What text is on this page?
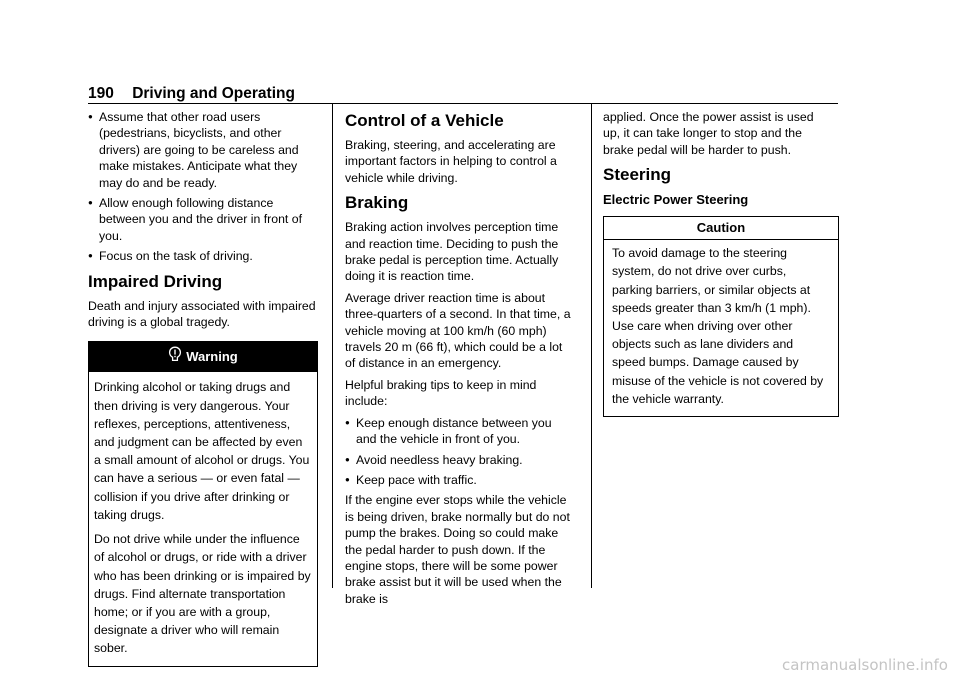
190 Driving and Operating
● Assume that other road users (pedestrians, bicyclists, and other drivers) are going to be careless and make mistakes. Anticipate what they may do and be ready.
● Allow enough following distance between you and the driver in front of you.
● Focus on the task of driving.
Impaired Driving

Death and injury associated with impaired driving is a global tragedy.

Warning

Drinking alcohol or taking drugs and then driving is very dangerous. Your reflexes, perceptions, attentiveness, and judgment can be affected by even a small amount of alcohol or drugs. You can have a serious — or even fatal — collision if you drive after drinking or taking drugs.

Do not drive while under the influence of alcohol or drugs, or ride with a driver who has been drinking or is impaired by drugs. Find alternate transportation home; or if you are with a group, designate a driver who will remain sober.

Control of a Vehicle

Braking, steering, and accelerating are important factors in helping to control a vehicle while driving.

Braking

Braking action involves perception time and reaction time. Deciding to push the brake pedal is perception time. Actually doing it is reaction time.

Average driver reaction time is about three-quarters of a second. In that time, a vehicle moving at 100 km/h (60 mph) travels 20 m (66 ft), which could be a lot of distance in an emergency.

Helpful braking tips to keep in mind include:

● Keep enough distance between you and the vehicle in front of you.
● Avoid needless heavy braking.
● Keep pace with traffic.

If the engine ever stops while the vehicle is being driven, brake normally but do not pump the brakes. Doing so could make the pedal harder to push down. If the engine stops, there will be some power brake assist but it will be used when the brake is

applied. Once the power assist is used up, it can take longer to stop and the brake pedal will be harder to push.

Steering
Electric Power Steering
Caution
To avoid damage to the steering system, do not drive over curbs, parking barriers, or similar objects at speeds greater than 3 km/h (1 mph). Use care when driving over other objects such as lane dividers and speed bumps. Damage caused by misuse of the vehicle is not covered by the vehicle warranty.
carmanualsonline.info
